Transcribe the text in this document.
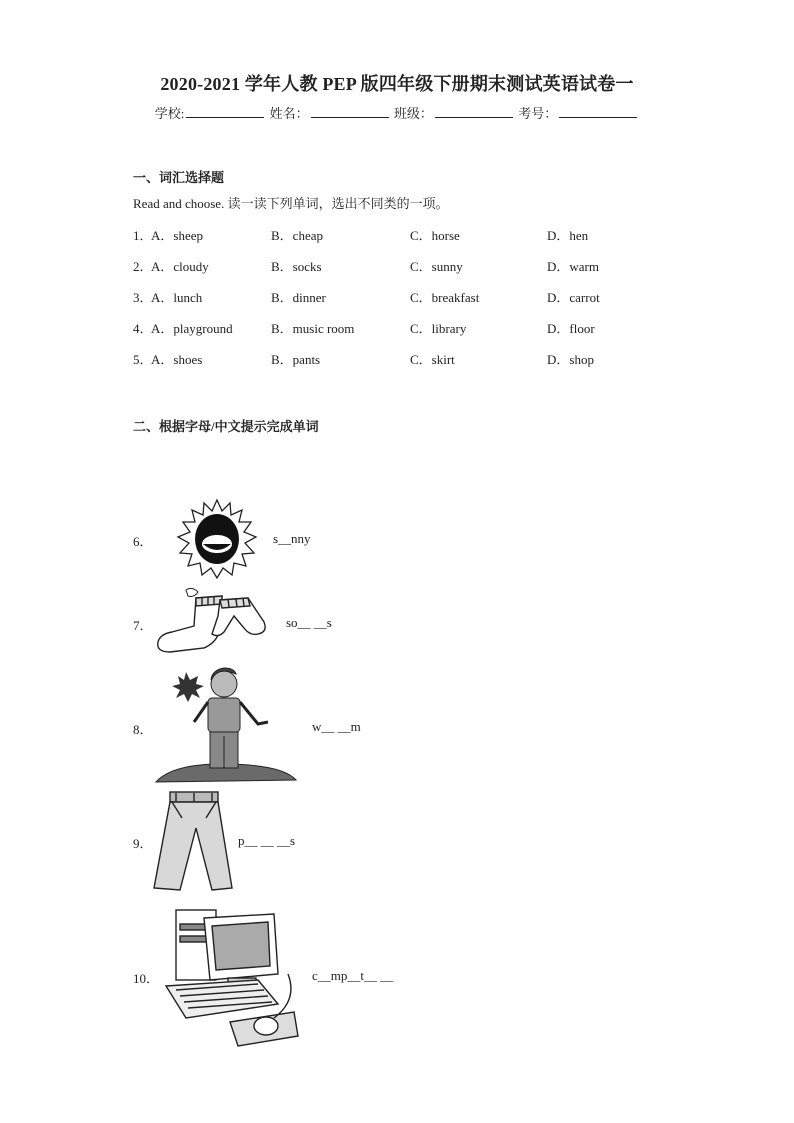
2020-2021 学年人教 PEP 版四年级下册期末测试英语试卷一
学校:	姓名：	班级：	考号：
一、词汇选择题
Read and choose. 读一读下列单词，选出不同类的一项。
1．
A．sheep	B．cheap	C．horse	D．hen
2．
A．cloudy	B．socks	C．sunny	D．warm
3．
A．lunch	B．dinner	C．breakfast	D．carrot
4．
A．playground	B．music room	C．library	D．floor
5．
A．shoes	B．pants	C．skirt	D．shop
二、根据字母/中文提示完成单词
6．	s__nny
7．	so__ __s
8．	w__ __m
9．	p__ __ __s
10．	c__mp__t__ __
